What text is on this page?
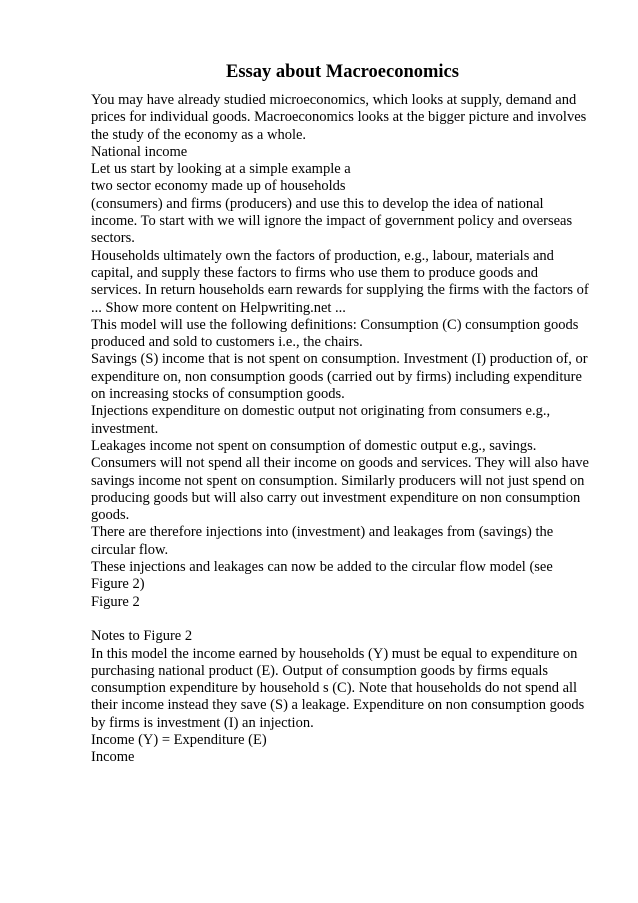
Essay about Macroeconomics
You may have already studied microeconomics, which looks at supply, demand and
prices for individual goods. Macroeconomics looks at the bigger picture and involves
the study of the economy as a whole.
National income
Let us start by looking at a simple example a
two sector economy made up of households
(consumers) and firms (producers) and use this to develop the idea of national
income. To start with we will ignore the impact of government policy and overseas
sectors.
Households ultimately own the factors of production, e.g., labour, materials and
capital, and supply these factors to firms who use them to produce goods and
services. In return households earn rewards for supplying the firms with the factors of
... Show more content on Helpwriting.net ...
This model will use the following definitions: Consumption (C) consumption goods
produced and sold to customers i.e., the chairs.
Savings (S) income that is not spent on consumption. Investment (I) production of, or
expenditure on, non consumption goods (carried out by firms) including expenditure
on increasing stocks of consumption goods.
Injections expenditure on domestic output not originating from consumers e.g.,
investment.
Leakages income not spent on consumption of domestic output e.g., savings.
Consumers will not spend all their income on goods and services. They will also have
savings income not spent on consumption. Similarly producers will not just spend on
producing goods but will also carry out investment expenditure on non consumption
goods.
There are therefore injections into (investment) and leakages from (savings) the
circular flow.
These injections and leakages can now be added to the circular flow model (see
Figure 2)
Figure 2
Notes to Figure 2
In this model the income earned by households (Y) must be equal to expenditure on
purchasing national product (E). Output of consumption goods by firms equals
consumption expenditure by household s (C). Note that households do not spend all
their income instead they save (S) a leakage. Expenditure on non consumption goods
by firms is investment (I) an injection.
Income (Y) = Expenditure (E)
Income
